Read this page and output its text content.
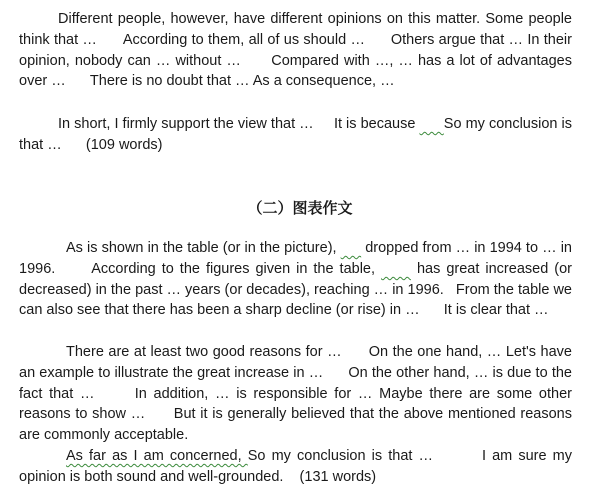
Different people, however, have different opinions on this matter. Some people think that …      According to them, all of us should …      Others argue that … In their opinion, nobody can … without …      Compared with …, … has a lot of advantages over …      There is no doubt that … As a consequence, …

In short, I firmly support the view that …     It is because       So my conclusion is that …      (109 words)

（二）图表作文

As is shown in the table (or in the picture),       dropped from … in 1994 to … in 1996.      According to the figures given in the table,       has great increased (or decreased) in the past … years (or decades), reaching … in 1996.   From the table we can also see that there has been a sharp decline (or rise) in …      It is clear that …

There are at least two good reasons for …      On the one hand, … Let's have an example to illustrate the great increase in …      On the other hand, … is due to the fact that …      In addition, … is responsible for … Maybe there are some other reasons to show …      But it is generally believed that the above mentioned reasons are commonly acceptable.

As far as I am concerned, So my conclusion is that …	I am sure my opinion is both sound and well-grounded.    (131 words)
